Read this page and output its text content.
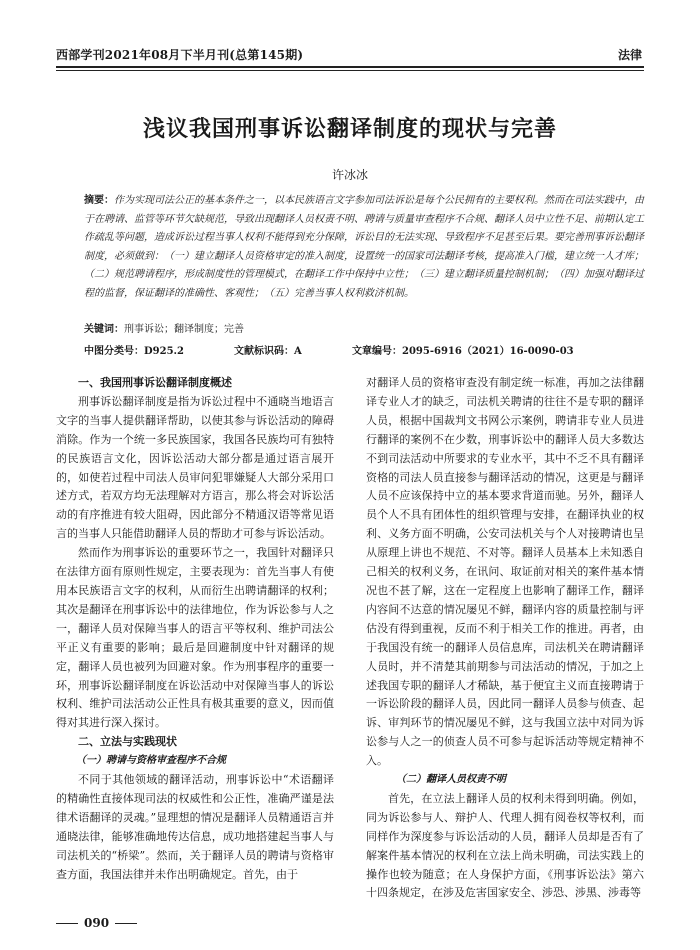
西部学刊2021年08月下半月刊(总第145期)	法律
浅议我国刑事诉讼翻译制度的现状与完善
许冰冰
摘要：作为实现司法公正的基本条件之一，以本民族语言文字参加司法诉讼是每个公民拥有的主要权利。然而在司法实践中，由于在聘请、监管等环节欠缺规范，导致出现翻译人员权责不明、聘请与质量审查程序不合规、翻译人员中立性不足、前期认定工作疏乱等问题，造成诉讼过程当事人权利不能得到充分保障，诉讼目的无法实现、导致程序不足甚至后果。要完善刑事诉讼翻译制度，必须做到：（一）建立翻译人员资格审定的准入制度，设置统一的国家司法翻译考核，提高准入门槛，建立统一人才库；（二）规范聘请程序，形成制度性的管理模式，在翻译工作中保持中立性；（三）建立翻译质量控制机制；（四）加强对翻译过程的监督，保证翻译的准确性、客观性；（五）完善当事人权利救济机制。
关键词：刑事诉讼；翻译制度；完善
中图分类号：D925.2	文献标识码：A	文章编号：2095-6916（2021）16-0090-03
一、我国刑事诉讼翻译制度概述

刑事诉讼翻译制度是指为诉讼过程中不通晓当地语言文字的当事人提供翻译帮助，以使其参与诉讼活动的障碍消除。作为一个统一多民族国家，我国各民族均可有独特的民族语言文化，因诉讼活动大部分都是通过语言展开的，如使若过程中司法人员审问犯罪嫌疑人大部分采用口述方式，若双方均无法理解对方语言，那么将会对诉讼活动的有序推进有较大阻碍，因此部分不精通汉语等常见语言的当事人只能借助翻译人员的帮助才可参与诉讼活动。

然而作为刑事诉讼的重要环节之一，我国针对翻译只在法律方面有原则性规定，主要表现为：首先当事人有使用本民族语言文字的权利，从而衍生出聘请翻译的权利；其次是翻译在刑事诉讼中的法律地位，作为诉讼参与人之一，翻译人员对保障当事人的语言平等权利、维护司法公平正义有重要的影响；最后是回避制度中针对翻译的规定，翻译人员也被列为回避对象。作为刑事程序的重要一环，刑事诉讼翻译制度在诉讼活动中对保障当事人的诉讼权利、维护司法活动公正性具有极其重要的意义，因而值得对其进行深入探讨。

二、立法与实践现状
（一）聘请与资格审查程序不合规

不同于其他领域的翻译活动，刑事诉讼中“术语翻译的精确性直接体现司法的权威性和公正性，准确严谨是法律术语翻译的灵魂。”显理想的情况是翻译人员精通语言并通晓法律，能够准确地传达信息，成功地搭建起当事人与司法机关的“桥梁”。然而，关于翻译人员的聘请与资格审查方面，我国法律并未作出明确规定。首先，由于

对翻译人员的资格审查没有制定统一标准，再加之法律翻译专业人才的缺乏，司法机关聘请的往往不是专职的翻译人员，根据中国裁判文书网公示案例，聘请非专业人员进行翻译的案例不在少数，刑事诉讼中的翻译人员大多数达不到司法活动中所要求的专业水平，其中不乏不具有翻译资格的司法人员直接参与翻译活动的情况，这更是与翻译人员不应该保持中立的基本要求背道而驰。另外，翻译人员个人不具有团体性的组织管理与安排，在翻译执业的权利、义务方面不明确，公安司法机关与个人对接聘请也呈从原理上讲也不规范、不对等。翻译人员基本上未知悉自己相关的权利义务，在讯问、取证前对相关的案件基本情况也不甚了解，这在一定程度上也影响了翻译工作，翻译内容间不达意的情况屡见不鲜，翻译内容的质量控制与评估没有得到重视，反而不利于相关工作的推进。再者，由于我国没有统一的翻译人员信息库，司法机关在聘请翻译人员时，并不清楚其前期参与司法活动的情况，于加之上述我国专职的翻译人才稀缺，基于便宜主义而直接聘请于一诉讼阶段的翻译人员，因此同一翻译人员参与侦查、起诉、审判环节的情况屡见不鲜，这与我国立法中对同为诉讼参与人之一的侦查人员不可参与起诉活动等规定精神不入。

（二）翻译人员权责不明

首先，在立法上翻译人员的权利未得到明确。例如，同为诉讼参与人、辩护人、代理人拥有阅卷权等权利，而同样作为深度参与诉讼活动的人员，翻译人员却是否有了解案件基本情况的权利在立法上尚未明确，司法实践上的操作也较为随意；在人身保护方面，《刑事诉讼法》第六十四条规定，在涉及危害国家安全、涉恐、涉黑、涉毒等

090
